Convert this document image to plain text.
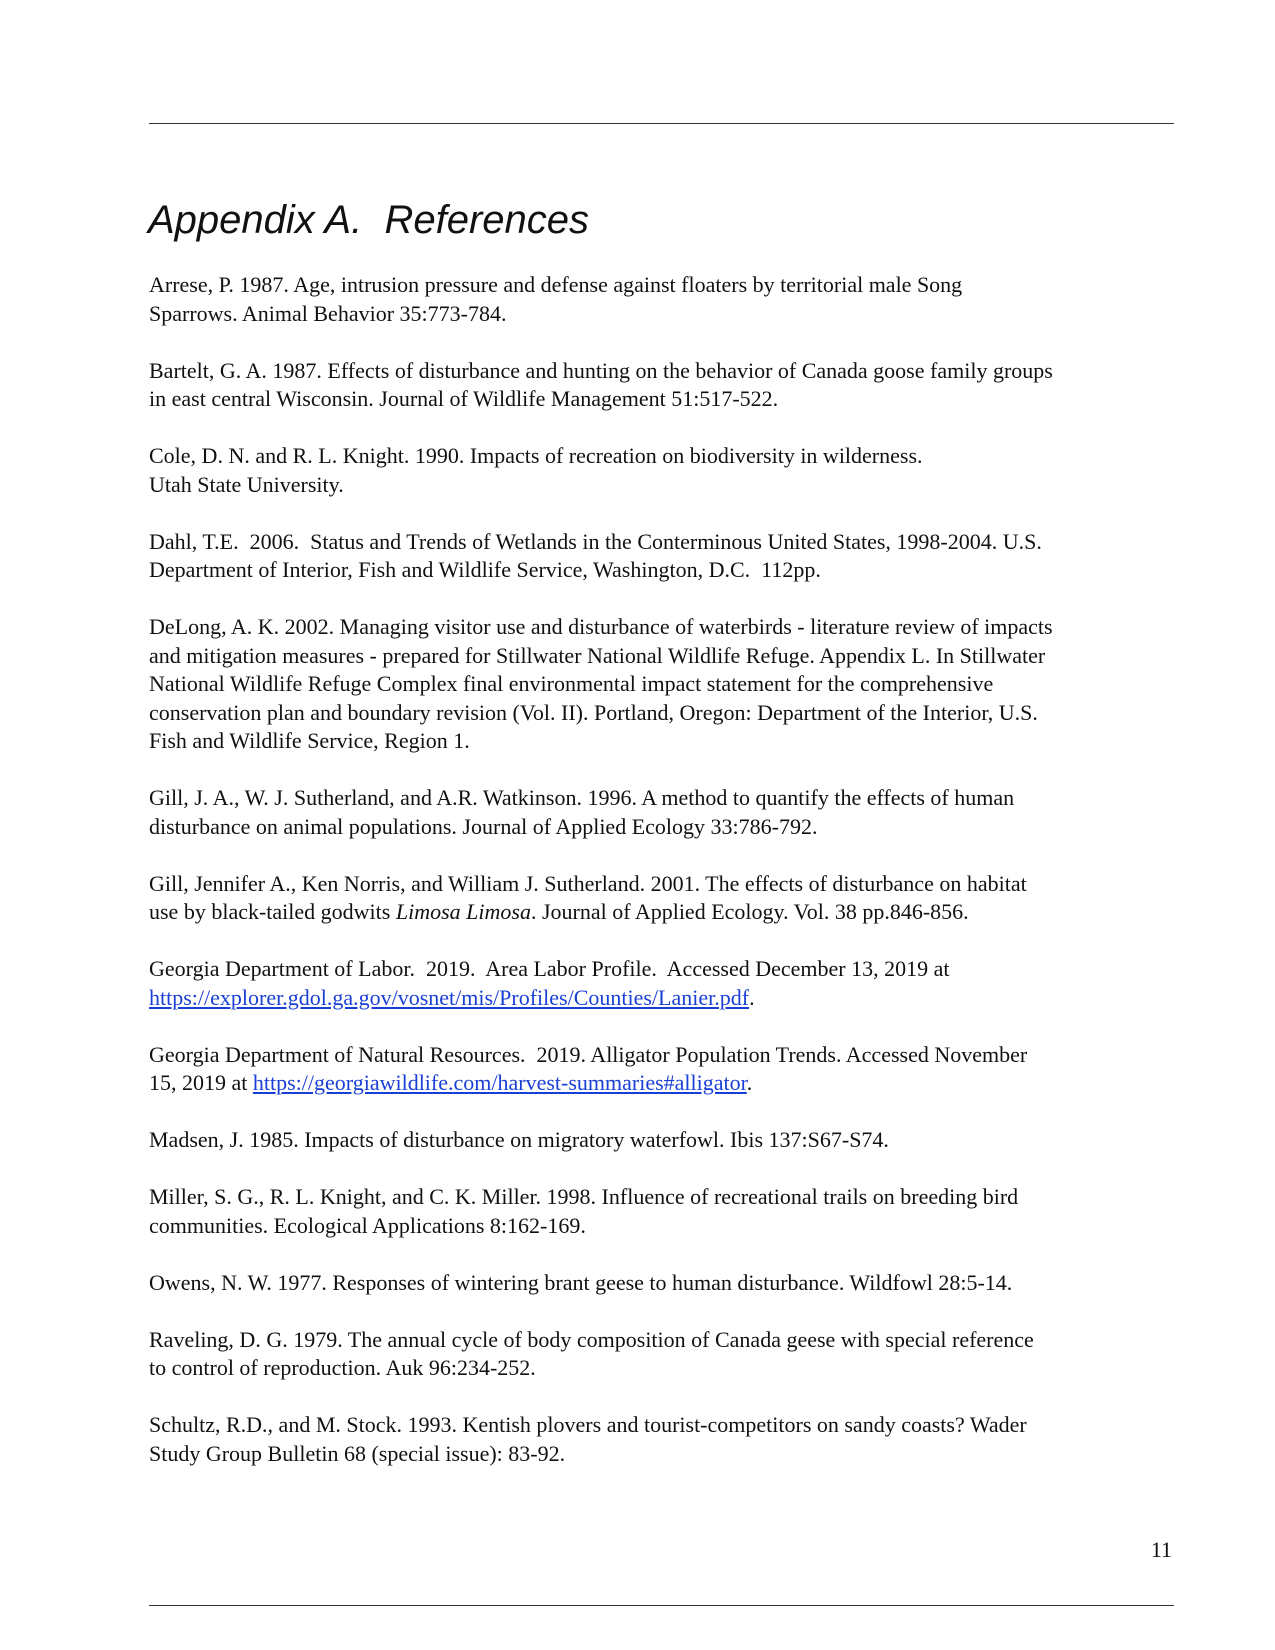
Appendix A.  References
Arrese, P. 1987. Age, intrusion pressure and defense against floaters by territorial male Song
Sparrows. Animal Behavior 35:773-784.
Bartelt, G. A. 1987. Effects of disturbance and hunting on the behavior of Canada goose family groups
in east central Wisconsin. Journal of Wildlife Management 51:517-522.
Cole, D. N. and R. L. Knight. 1990. Impacts of recreation on biodiversity in wilderness.
Utah State University.
Dahl, T.E.  2006.  Status and Trends of Wetlands in the Conterminous United States, 1998-2004. U.S.
Department of Interior, Fish and Wildlife Service, Washington, D.C.  112pp.
DeLong, A. K. 2002. Managing visitor use and disturbance of waterbirds - literature review of impacts
and mitigation measures - prepared for Stillwater National Wildlife Refuge. Appendix L. In Stillwater
National Wildlife Refuge Complex final environmental impact statement for the comprehensive
conservation plan and boundary revision (Vol. II). Portland, Oregon: Department of the Interior, U.S.
Fish and Wildlife Service, Region 1.
Gill, J. A., W. J. Sutherland, and A.R. Watkinson. 1996. A method to quantify the effects of human
disturbance on animal populations. Journal of Applied Ecology 33:786-792.
Gill, Jennifer A., Ken Norris, and William J. Sutherland. 2001. The effects of disturbance on habitat
use by black-tailed godwits Limosa Limosa. Journal of Applied Ecology. Vol. 38 pp.846-856.
Georgia Department of Labor.  2019.  Area Labor Profile.  Accessed December 13, 2019 at
https://explorer.gdol.ga.gov/vosnet/mis/Profiles/Counties/Lanier.pdf.
Georgia Department of Natural Resources.  2019. Alligator Population Trends. Accessed November
15, 2019 at https://georgiawildlife.com/harvest-summaries#alligator.
Madsen, J. 1985. Impacts of disturbance on migratory waterfowl. Ibis 137:S67-S74.
Miller, S. G., R. L. Knight, and C. K. Miller. 1998. Influence of recreational trails on breeding bird
communities. Ecological Applications 8:162-169.
Owens, N. W. 1977. Responses of wintering brant geese to human disturbance. Wildfowl 28:5-14.
Raveling, D. G. 1979. The annual cycle of body composition of Canada geese with special reference
to control of reproduction. Auk 96:234-252.
Schultz, R.D., and M. Stock. 1993. Kentish plovers and tourist-competitors on sandy coasts? Wader
Study Group Bulletin 68 (special issue): 83-92.
11
